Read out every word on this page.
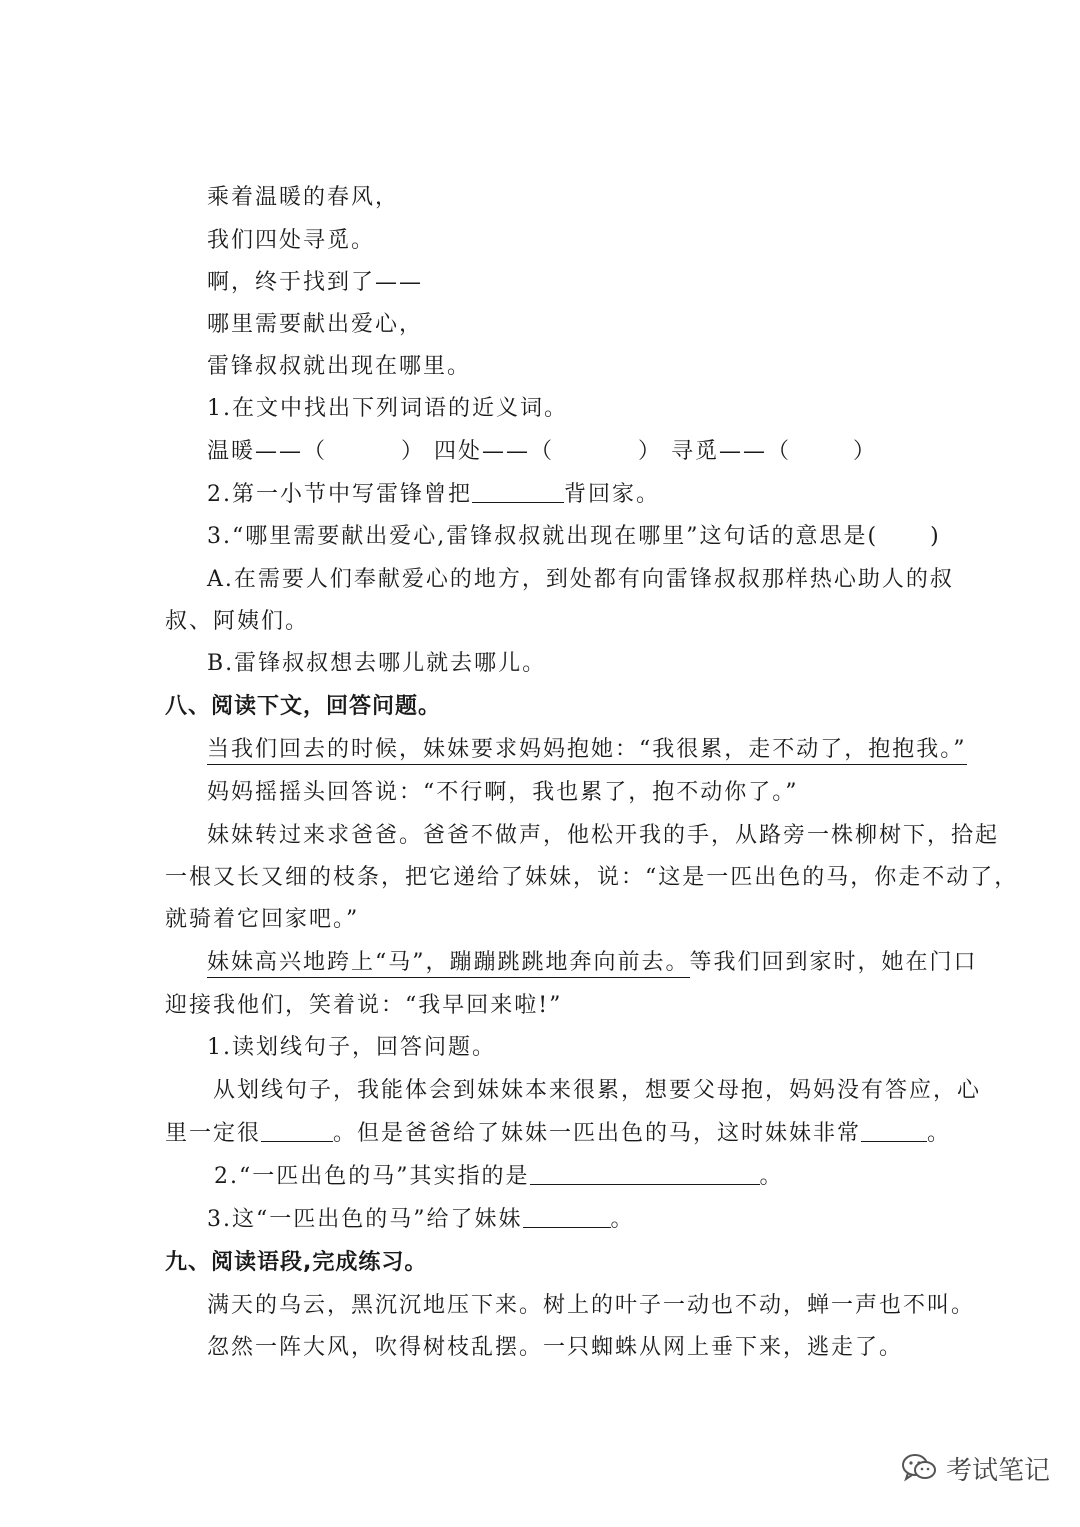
乘着温暖的春风，
我们四处寻觅。
啊，终于找到了——
哪里需要献出爱心，
雷锋叔叔就出现在哪里。
1.在文中找出下列词语的近义词。
温暖——（	） 四处——（	） 寻觅——（	）
2.第一小节中写雷锋曾把	背回家。
3.“哪里需要献出爱心,雷锋叔叔就出现在哪里”这句话的意思是( )
A.在需要人们奉献爱心的地方，到处都有向雷锋叔叔那样热心助人的叔
叔、阿姨们。
B.雷锋叔叔想去哪儿就去哪儿。
八、阅读下文，回答问题。
当我们回去的时候，妹妹要求妈妈抱她：“我很累，走不动了，抱抱我。”
妈妈摇摇头回答说：“不行啊，我也累了，抱不动你了。”
妹妹转过来求爸爸。爸爸不做声，他松开我的手，从路旁一株柳树下，拾起
一根又长又细的枝条，把它递给了妹妹，说：“这是一匹出色的马，你走不动了，
就骑着它回家吧。”
妹妹高兴地跨上“马”，蹦蹦跳跳地奔向前去。等我们回到家时，她在门口
迎接我他们，笑着说：“我早回来啦!”
1.读划线句子，回答问题。
从划线句子，我能体会到妹妹本来很累，想要父母抱，妈妈没有答应，心
里一定很	。但是爸爸给了妹妹一匹出色的马，这时妹妹非常	。
2.“一匹出色的马”其实指的是	。
3.这“一匹出色的马”给了妹妹	。
九、阅读语段,完成练习。
满天的乌云，黑沉沉地压下来。树上的叶子一动也不动，蝉一声也不叫。
忽然一阵大风，吹得树枝乱摆。一只蜘蛛从网上垂下来，逃走了。
考试笔记
